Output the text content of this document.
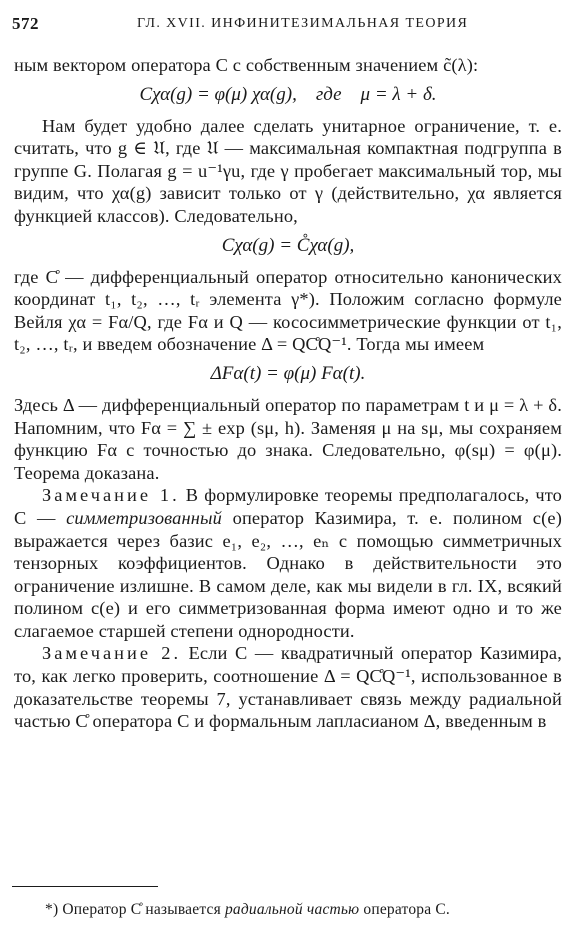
572	ГЛ. XVII. ИНФИНИТЕЗИМАЛЬНАЯ ТЕОРИЯ

ным вектором оператора C с собственным значением c̃(λ):

Cχα(g) = φ(μ) χα(g),    где    μ = λ + δ.

Нам будет удобно далее сделать унитарное ограничение, т. е. считать, что g ∈ 𝔘, где 𝔘 — максимальная компактная подгруппа в группе G. Полагая g = u⁻¹γu, где γ пробегает максимальный тор, мы видим, что χα(g) зависит только от γ (действительно, χα является функцией классов). Следовательно,

Cχα(g) = C̊χα(g),

где C̊ — дифференциальный оператор относительно канонических координат t₁, t₂, …, tᵣ элемента γ*). Положим согласно формуле Вейля χα = Fα/Q, где Fα и Q — кососимметрические функции от t₁, t₂, …, tᵣ, и введем обозначение Δ = QC̊Q⁻¹. Тогда мы имеем

ΔFα(t) = φ(μ) Fα(t).

Здесь Δ — дифференциальный оператор по параметрам t и μ = λ + δ. Напомним, что Fα = ∑ ± exp (sμ, h). Заменяя μ на sμ, мы сохраняем функцию Fα с точностью до знака. Следовательно, φ(sμ) = φ(μ). Теорема доказана.

Замечание 1. В формулировке теоремы предполагалось, что C — симметризованный оператор Казимира, т. е. полином c(e) выражается через базис e₁, e₂, …, eₙ с помощью симметричных тензорных коэффициентов. Однако в действительности это ограничение излишне. В самом деле, как мы видели в гл. IX, всякий полином c(e) и его симметризованная форма имеют одно и то же слагаемое старшей степени однородности.

Замечание 2. Если C — квадратичный оператор Казимира, то, как легко проверить, соотношение Δ = QC̊Q⁻¹, использованное в доказательстве теоремы 7, устанавливает связь между радиальной частью C̊ оператора C и формальным лапласианом Δ, введенным в

*) Оператор C̊ называется радиальной частью оператора C.
